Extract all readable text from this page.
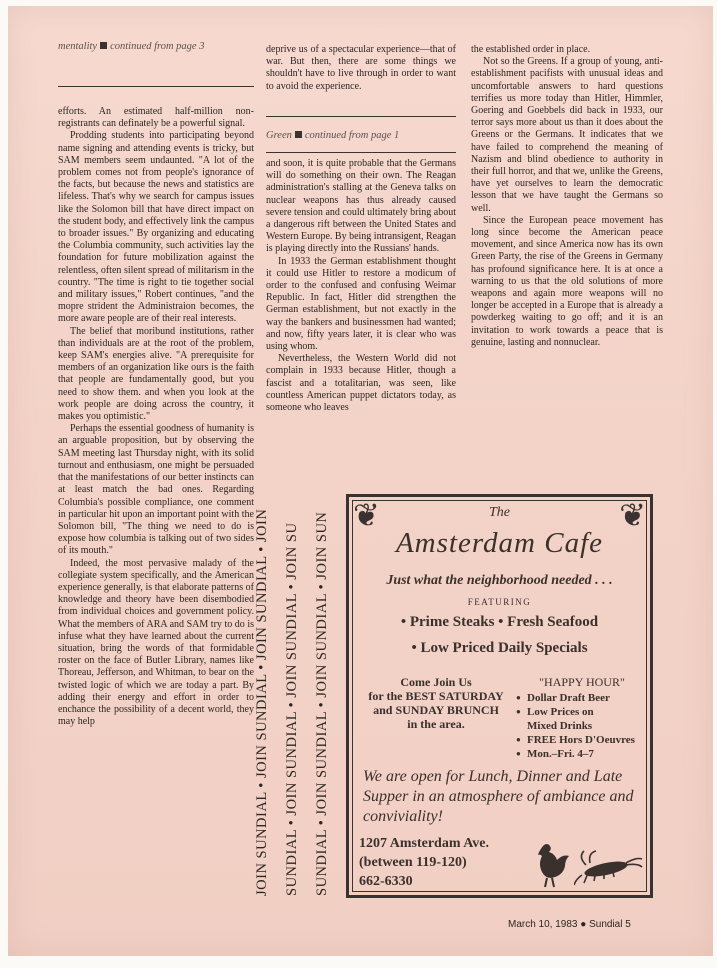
mentality continued from page 3

efforts. An estimated half-million non-registrants can definately be a powerful signal.

Prodding students into participating beyond name signing and attending events is tricky, but SAM members seem undaunted. "A lot of the problem comes not from people's ignorance of the facts, but because the news and statistics are lifeless. That's why we search for campus issues like the Solomon bill that have direct impact on the student body, and effectively link the campus to broader issues." By organizing and educating the Columbia community, such activities lay the foundation for future mobilization against the relentless, often silent spread of militarism in the country. "The time is right to tie together social and military issues," Robert continues, "and the mopre strident the Administraion becomes, the more aware people are of their real interests.

The belief that moribund institutions, rather than individuals are at the root of the problem, keep SAM's energies alive. "A prerequisite for members of an organization like ours is the faith that people are fundamentally good, but you need to show them. and when you look at the work people are doing across the country, it makes you optimistic."

Perhaps the essential goodness of humanity is an arguable proposition, but by observing the SAM meeting last Thursday night, with its solid turnout and enthusiasm, one might be persuaded that the manifestations of our better instincts can at least match the bad ones. Regarding Columbia's possible compliance, one comment in particular hit upon an important point with the Solomon bill, "The thing we need to do is expose how columbia is talking out of two sides of its mouth."

Indeed, the most pervasive malady of the collegiate system specifically, and the American experience generally, is that elaborate patterns of knowledge and theory have been disembodied from individual choices and government policy. What the members of ARA and SAM try to do is infuse what they have learned about the current situation, bring the words of that formidable roster on the face of Butler Library, names like Thoreau, Jefferson, and Whitman, to bear on the twisted logic of which we are today a part. By adding their energy and effort in order to enchance the possibility of a decent world, they may help

deprive us of a spectacular experience—that of war. But then, there are some things we shouldn't have to live through in order to want to avoid the experience.

Green continued from page 1

and soon, it is quite probable that the Germans will do something on their own. The Reagan administration's stalling at the Geneva talks on nuclear weapons has thus already caused severe tension and could ultimately bring about a dangerous rift between the United States and Western Europe. By being intransigent, Reagan is playing directly into the Russians' hands.

In 1933 the German establishment thought it could use Hitler to restore a modicum of order to the confused and confusing Weimar Republic. In fact, Hitler did strengthen the German establishment, but not exactly in the way the bankers and businessmen had wanted; and now, fifty years later, it is clear who was using whom.

Nevertheless, the Western World did not complain in 1933 because Hitler, though a fascist and a totalitarian, was seen, like countless American puppet dictators today, as someone who leaves

the established order in place.

Not so the Greens. If a group of young, anti-establishment pacifists with unusual ideas and uncomfortable answers to hard questions terrifies us more today than Hitler, Himmler, Goering and Goebbels did back in 1933, our terror says more about us than it does about the Greens or the Germans. It indicates that we have failed to comprehend the meaning of Nazism and blind obedience to authority in their full horror, and that we, unlike the Greens, have yet ourselves to learn the democratic lesson that we have taught the Germans so well.

Since the European peace movement has long since become the American peace movement, and since America now has its own Green Party, the rise of the Greens in Germany has profound significance here. It is at once a warning to us that the old solutions of more weapons and again more weapons will no longer be accepted in a Europe that is already a powderkeg waiting to go off; and it is an invitation to work towards a peace that is genuine, lasting and nonnuclear.

JOIN SUNDIAL • JOIN SUNDIAL • JOIN SUNDIAL • JOIN SUNDIAL • JOIN SUNDIAL • JOIN SUNDIAL • JOIN SU SUNDIAL • JOIN SUNDIAL • JOIN SUNDIAL • JOIN SUN ❦	❦
The
Amsterdam Cafe
Just what the neighborhood needed . . .
FEATURING
• Prime Steaks • Fresh Seafood
• Low Priced Daily Specials
Come Join Us
for the BEST SATURDAY
and SUNDAY BRUNCH
in the area.
"HAPPY HOUR"
● Dollar Draft Beer
● Low Prices on
Mixed Drinks
● FREE Hors D'Oeuvres
● Mon.–Fri. 4–7
We are open for Lunch, Dinner and Late Supper in an atmosphere of ambiance and conviviality!
1207 Amsterdam Ave.
(between 119-120)
662-6330
March 10, 1983 ● Sundial 5
